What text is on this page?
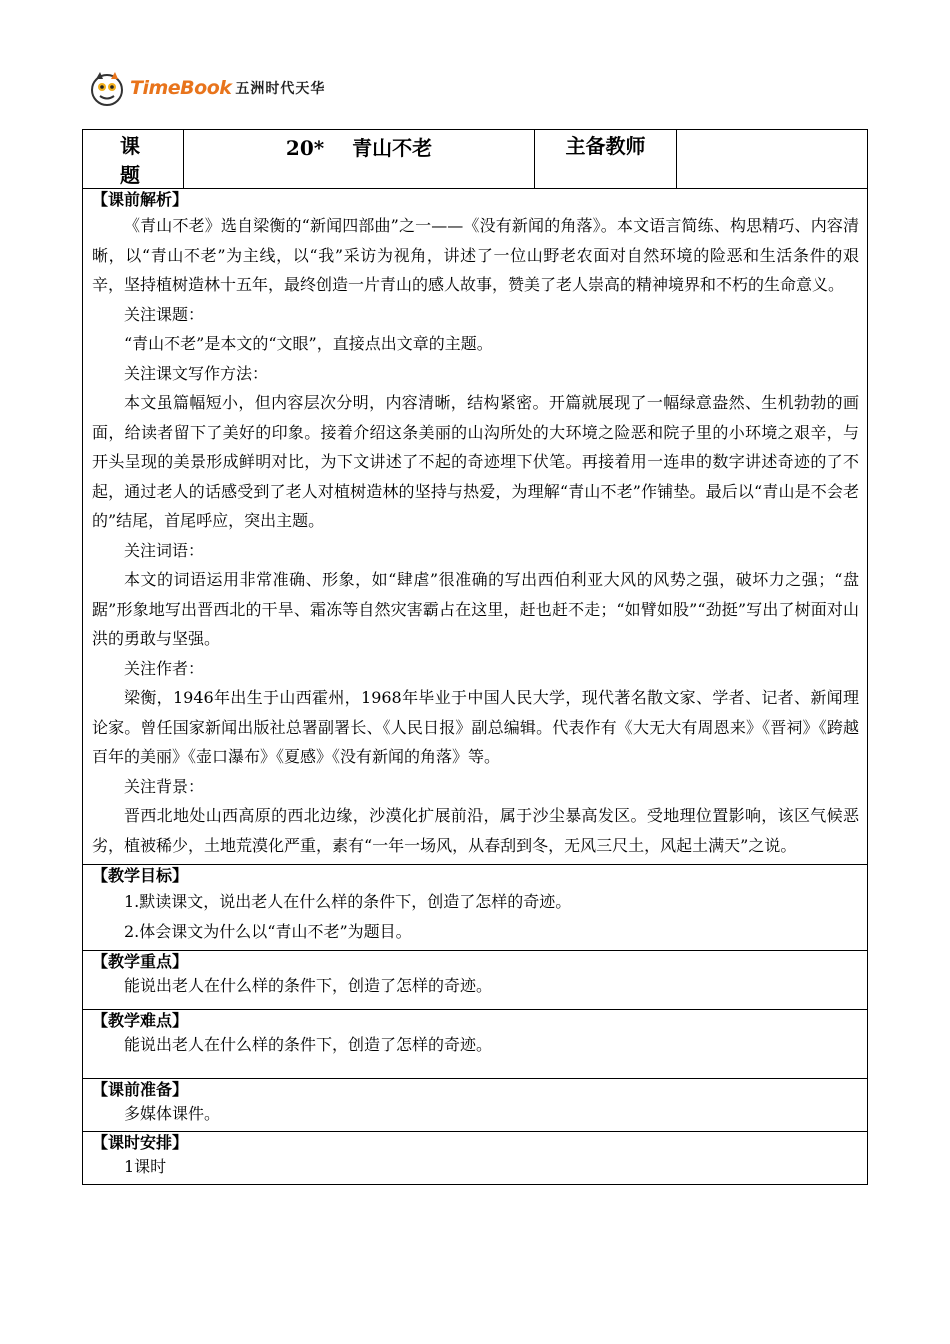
TimeBook 五洲时代天华
课　题	20* 青山不老	主备教师	

【课前解析】

《青山不老》选自梁衡的“新闻四部曲”之一——《没有新闻的角落》。本文语言简练、构思精巧、内容清晰，以“青山不老”为主线，以“我”采访为视角，讲述了一位山野老农面对自然环境的险恶和生活条件的艰辛，坚持植树造林十五年，最终创造一片青山的感人故事，赞美了老人崇高的精神境界和不朽的生命意义。

关注课题：

“青山不老”是本文的“文眼”，直接点出文章的主题。

关注课文写作方法：

本文虽篇幅短小，但内容层次分明，内容清晰，结构紧密。开篇就展现了一幅绿意盎然、生机勃勃的画面，给读者留下了美好的印象。接着介绍这条美丽的山沟所处的大环境之险恶和院子里的小环境之艰辛，与开头呈现的美景形成鲜明对比，为下文讲述了不起的奇迹埋下伏笔。再接着用一连串的数字讲述奇迹的了不起，通过老人的话感受到了老人对植树造林的坚持与热爱，为理解“青山不老”作铺垫。最后以“青山是不会老的”结尾，首尾呼应，突出主题。

关注词语：

本文的词语运用非常准确、形象，如“肆虐”很准确的写出西伯利亚大风的风势之强，破坏力之强；“盘踞”形象地写出晋西北的干旱、霜冻等自然灾害霸占在这里，赶也赶不走；“如臂如股”“劲挺”写出了树面对山洪的勇敢与坚强。

关注作者：

梁衡，1946年出生于山西霍州，1968年毕业于中国人民大学，现代著名散文家、学者、记者、新闻理论家。曾任国家新闻出版社总署副署长、《人民日报》副总编辑。代表作有《大无大有周恩来》《晋祠》《跨越百年的美丽》《壶口瀑布》《夏感》《没有新闻的角落》等。

关注背景：

晋西北地处山西高原的西北边缘，沙漠化扩展前沿，属于沙尘暴高发区。受地理位置影响，该区气候恶劣，植被稀少，土地荒漠化严重，素有“一年一场风，从春刮到冬，无风三尺土，风起土满天”之说。

【教学目标】

1.默读课文，说出老人在什么样的条件下，创造了怎样的奇迹。

2.体会课文为什么以“青山不老”为题目。

【教学重点】

能说出老人在什么样的条件下，创造了怎样的奇迹。

【教学难点】

能说出老人在什么样的条件下，创造了怎样的奇迹。

【课前准备】

多媒体课件。

【课时安排】

1课时
